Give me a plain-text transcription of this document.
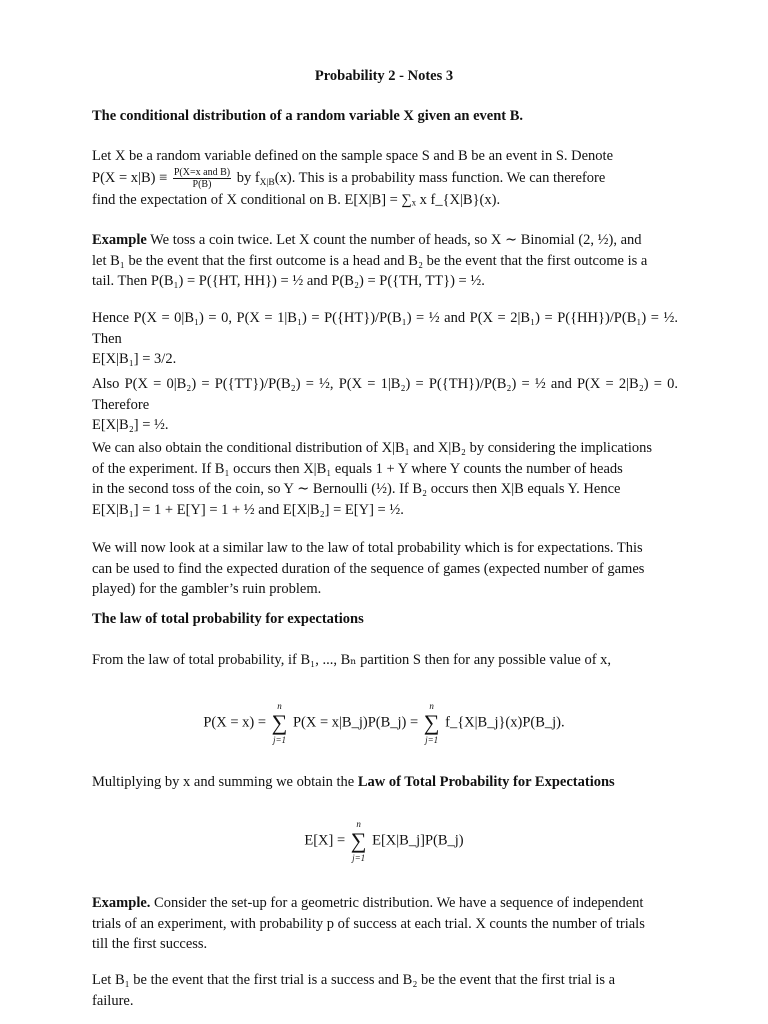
Probability 2 - Notes 3
The conditional distribution of a random variable X given an event B.

Let X be a random variable defined on the sample space S and B be an event in S. Denote

$P(X = x|B) \equiv \frac{\text{P(X=x and B)}}{P(B)}$ by $f_{X|B}(x)$. This is a probability mass function. We can therefore

find the expectation of X conditional on B. E[X|B] = ∑ₓ x f_{X|B}(x).

Example We toss a coin twice. Let X count the number of heads, so X ∼ Binomial (2, ½), and

let B₁ be the event that the first outcome is a head and B₂ be the event that the first outcome is a

tail. Then P(B₁) = P({HT, HH}) = ½ and P(B₂) = P({TH, TT}) = ½.

Hence P(X = 0|B₁) = 0, P(X = 1|B₁) = P({HT})/P(B₁) = ½ and P(X = 2|B₁) = P({HH})/P(B₁) = ½. Then

E[X|B₁] = 3/2.

Also P(X = 0|B₂) = P({TT})/P(B₂) = ½, P(X = 1|B₂) = P({TH})/P(B₂) = ½ and P(X = 2|B₂) = 0. Therefore

E[X|B₂] = ½.

We can also obtain the conditional distribution of X|B₁ and X|B₂ by considering the implications

of the experiment. If B₁ occurs then X|B₁ equals 1 + Y where Y counts the number of heads

in the second toss of the coin, so Y ∼ Bernoulli (½). If B₂ occurs then X|B equals Y. Hence

E[X|B₁] = 1 + E[Y] = 1 + ½ and E[X|B₂] = E[Y] = ½.

We will now look at a similar law to the law of total probability which is for expectations. This

can be used to find the expected duration of the sequence of games (expected number of games

played) for the gambler’s ruin problem.

The law of total probability for expectations

From the law of total probability, if B₁, ..., Bₙ partition S then for any possible value of x,

P(X = x) =
n
∑
j=1
P(X = x|B_j)P(B_j) =
n
∑
j=1
f_{X|B_j}(x)P(B_j).

Multiplying by x and summing we obtain the Law of Total Probability for Expectations

E[X] =
n
∑
j=1
E[X|B_j]P(B_j)

Example. Consider the set-up for a geometric distribution. We have a sequence of independent

trials of an experiment, with probability p of success at each trial. X counts the number of trials

till the first success.

Let B₁ be the event that the first trial is a success and B₂ be the event that the first trial is a

failure.
